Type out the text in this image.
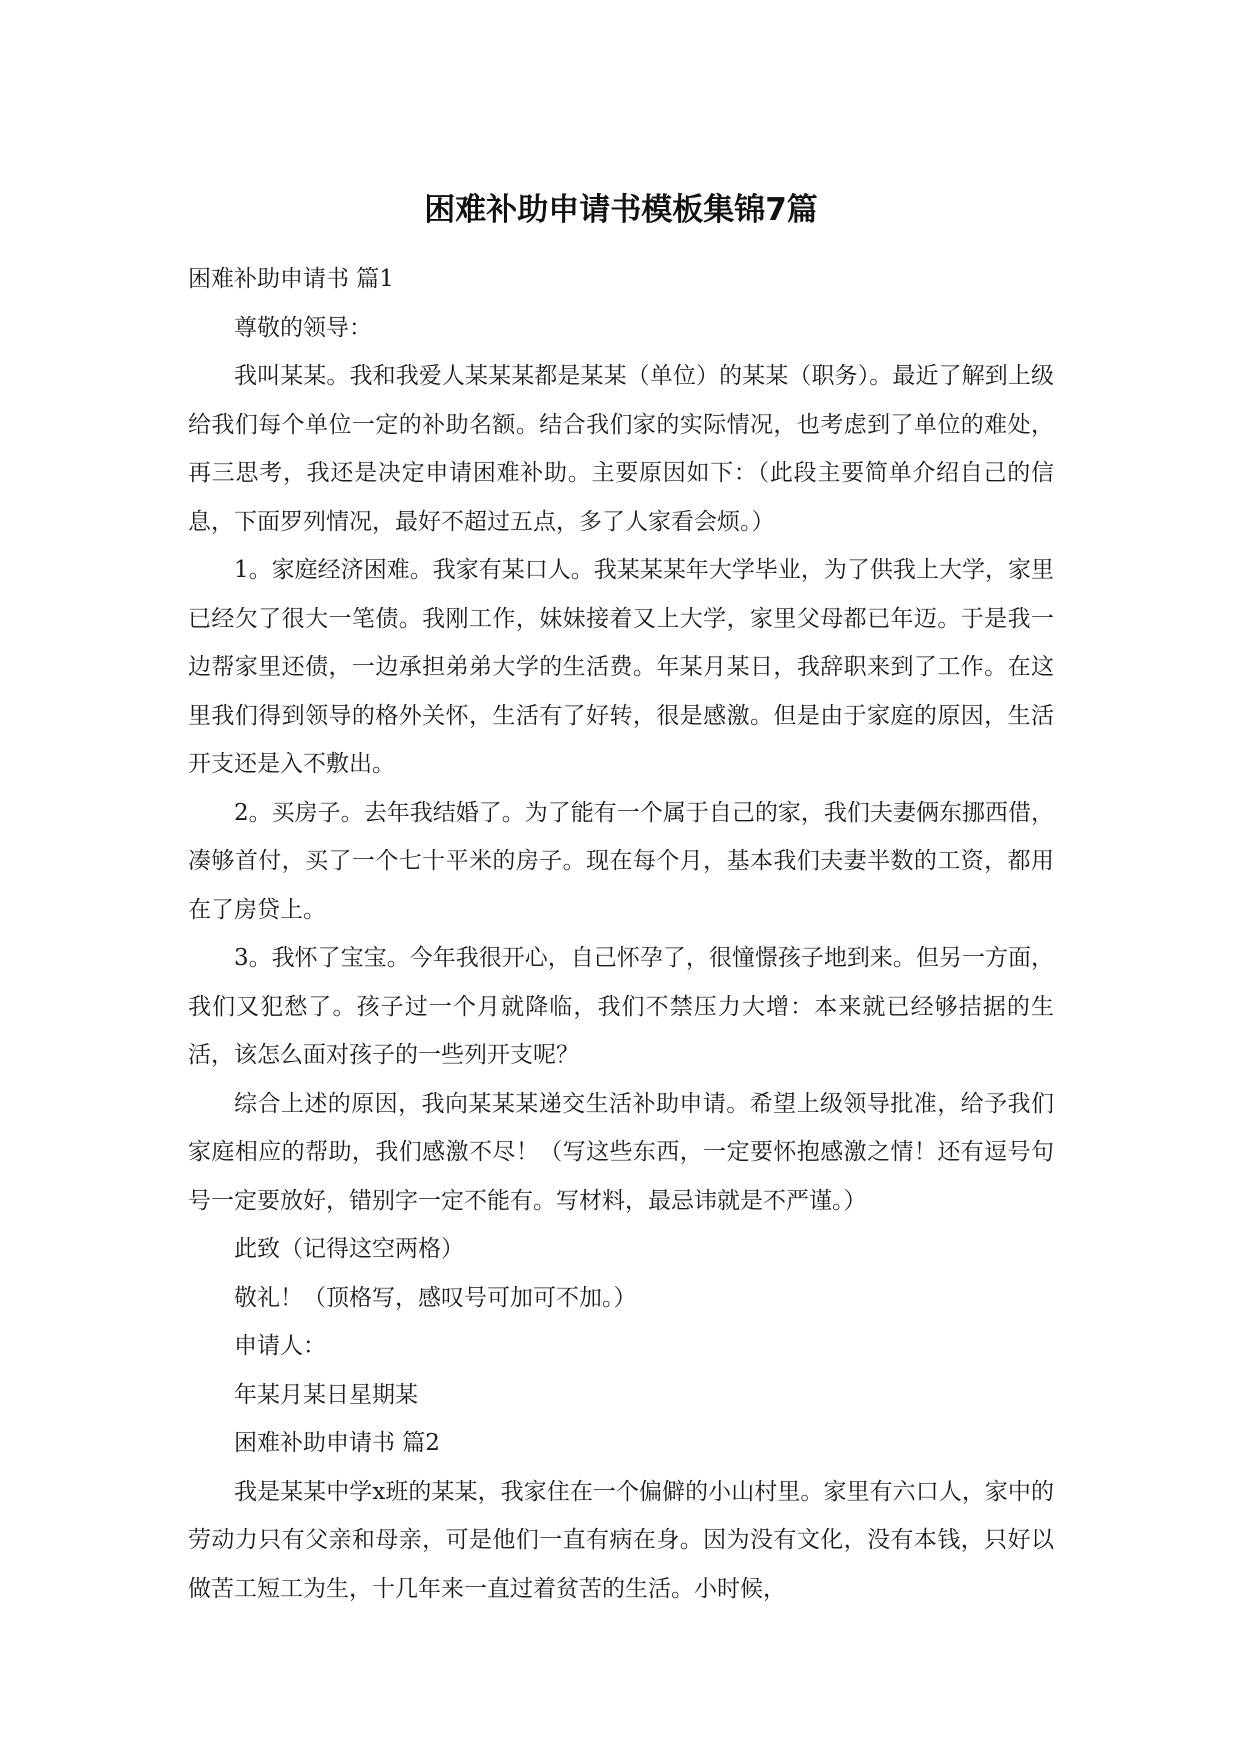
困难补助申请书模板集锦7篇

困难补助申请书 篇1

尊敬的领导：

我叫某某。我和我爱人某某某都是某某（单位）的某某（职务）。最近了解到上级给我们每个单位一定的补助名额。结合我们家的实际情况，也考虑到了单位的难处，再三思考，我还是决定申请困难补助。主要原因如下：（此段主要简单介绍自己的信息，下面罗列情况，最好不超过五点，多了人家看会烦。）

1。家庭经济困难。我家有某口人。我某某某年大学毕业，为了供我上大学，家里已经欠了很大一笔债。我刚工作，妹妹接着又上大学，家里父母都已年迈。于是我一边帮家里还债，一边承担弟弟大学的生活费。年某月某日，我辞职来到了工作。在这里我们得到领导的格外关怀，生活有了好转，很是感激。但是由于家庭的原因，生活开支还是入不敷出。

2。买房子。去年我结婚了。为了能有一个属于自己的家，我们夫妻俩东挪西借，凑够首付，买了一个七十平米的房子。现在每个月，基本我们夫妻半数的工资，都用在了房贷上。

3。我怀了宝宝。今年我很开心，自己怀孕了，很憧憬孩子地到来。但另一方面，我们又犯愁了。孩子过一个月就降临，我们不禁压力大增：本来就已经够拮据的生活，该怎么面对孩子的一些列开支呢？

综合上述的原因，我向某某某递交生活补助申请。希望上级领导批准，给予我们家庭相应的帮助，我们感激不尽！（写这些东西，一定要怀抱感激之情！还有逗号句号一定要放好，错别字一定不能有。写材料，最忌讳就是不严谨。）

此致（记得这空两格）

敬礼！（顶格写，感叹号可加可不加。）

申请人：

年某月某日星期某

困难补助申请书 篇2

我是某某中学x班的某某，我家住在一个偏僻的小山村里。家里有六口人，家中的劳动力只有父亲和母亲，可是他们一直有病在身。因为没有文化，没有本钱，只好以做苦工短工为生，十几年来一直过着贫苦的生活。小时候，
